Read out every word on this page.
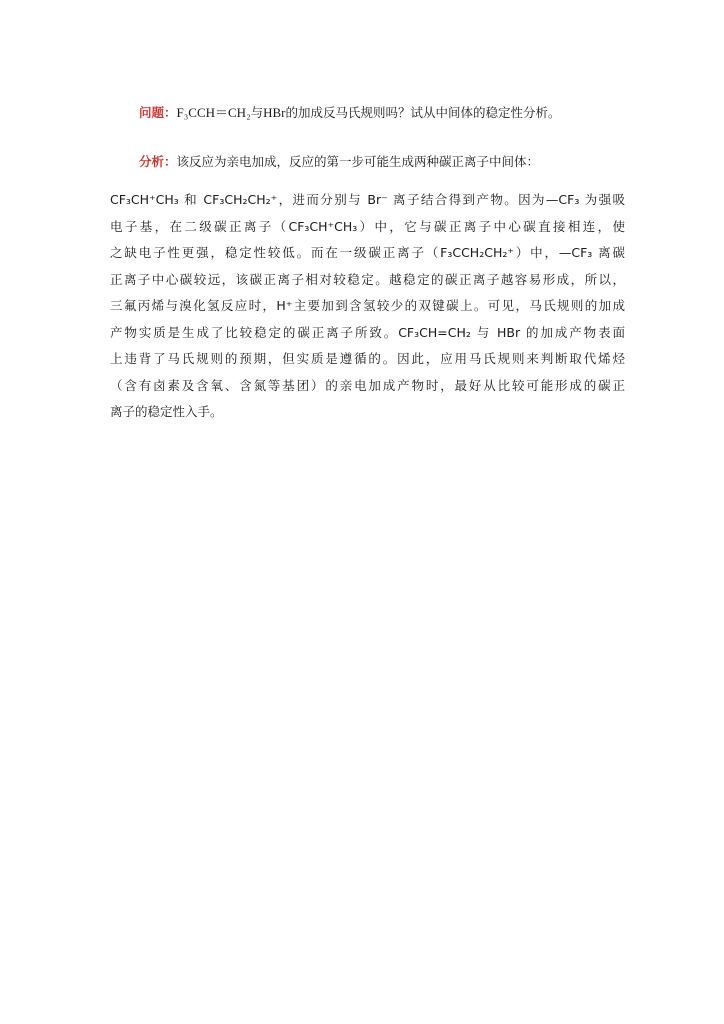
问题：F₃CCH＝CH₂与HBr的加成反马氏规则吗？试从中间体的稳定性分析。
分析：该反应为亲电加成，反应的第一步可能生成两种碳正离子中间体：
CF₃CH⁺CH₃ 和 CF₃CH₂CH₂⁺，进而分别与 Br⁻ 离子结合得到产物。因为—CF₃ 为强吸
电子基，在二级碳正离子（CF₃CH⁺CH₃）中，它与碳正离子中心碳直接相连，使
之缺电子性更强，稳定性较低。而在一级碳正离子（F₃CCH₂CH₂⁺）中，—CF₃ 离碳
正离子中心碳较远，该碳正离子相对较稳定。越稳定的碳正离子越容易形成，所以，
三氟丙烯与溴化氢反应时，H⁺主要加到含氢较少的双键碳上。可见，马氏规则的加成
产物实质是生成了比较稳定的碳正离子所致。CF₃CH=CH₂ 与 HBr 的加成产物表面
上违背了马氏规则的预期，但实质是遵循的。因此，应用马氏规则来判断取代烯烃
（含有卤素及含氧、含氮等基团）的亲电加成产物时，最好从比较可能形成的碳正
离子的稳定性入手。
